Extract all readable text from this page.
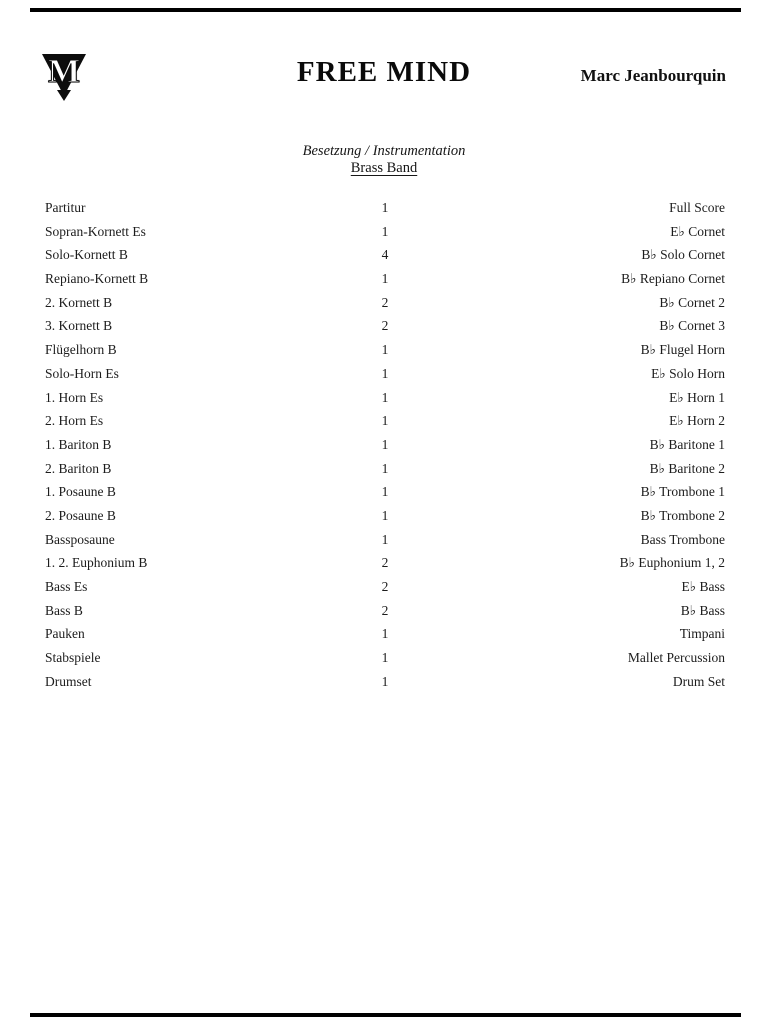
M	FREE MIND	Marc Jeanbourquin
Besetzung / Instrumentation
Brass Band
Partitur	1	Full Score
Sopran-Kornett Es	1	E♭ Cornet
Solo-Kornett B	4	B♭ Solo Cornet
Repiano-Kornett B	1	B♭ Repiano Cornet
2. Kornett B	2	B♭ Cornet 2
3. Kornett B	2	B♭ Cornet 3
Flügelhorn B	1	B♭ Flugel Horn
Solo-Horn Es	1	E♭ Solo Horn
1. Horn Es	1	E♭ Horn 1
2. Horn Es	1	E♭ Horn 2
1. Bariton B	1	B♭ Baritone 1
2. Bariton B	1	B♭ Baritone 2
1. Posaune B	1	B♭ Trombone 1
2. Posaune B	1	B♭ Trombone 2
Bassposaune	1	Bass Trombone
1. 2. Euphonium B	2	B♭ Euphonium 1, 2
Bass Es	2	E♭ Bass
Bass B	2	B♭ Bass
Pauken	1	Timpani
Stabspiele	1	Mallet Percussion
Drumset	1	Drum Set
